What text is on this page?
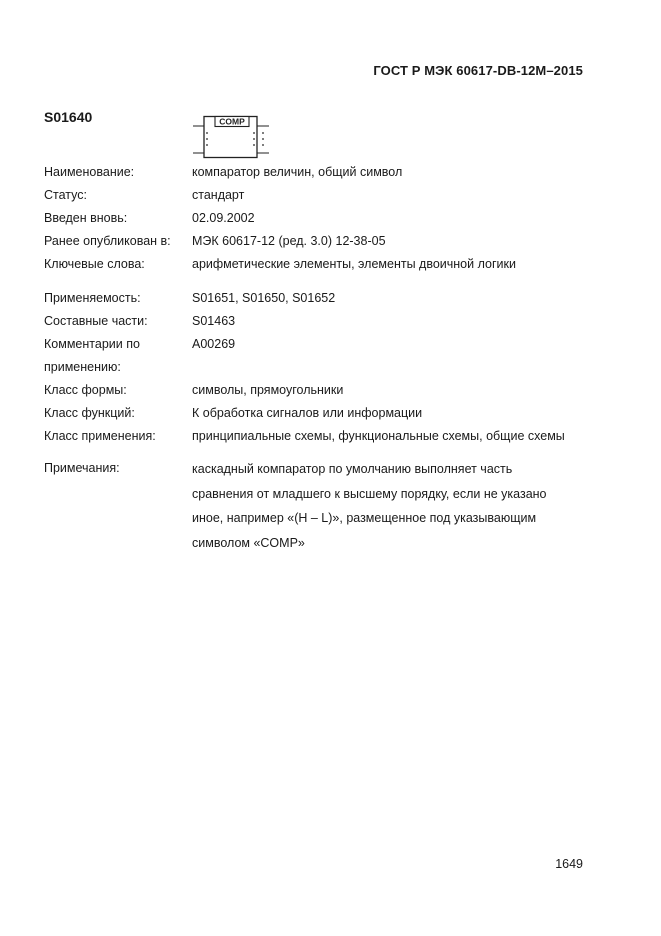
ГОСТ Р МЭК 60617-DB-12M–2015
S01640	COMP
Наименование:	компаратор величин, общий символ
Статус:	стандарт
Введен вновь:	02.09.2002
Ранее опубликован в: МЭК 60617-12 (ред. 3.0) 12-38-05
Ключевые слова:	арифметические элементы, элементы двоичной логики
Применяемость:	S01651, S01650, S01652
Составные части:	S01463
Комментарии по
применению:
A00269
Класс формы:	символы, прямоугольники
Класс функций:	К обработка сигналов или информации
Класс применения:	принципиальные схемы, функциональные схемы, общие схемы
Примечания:	каскадный компаратор по умолчанию выполняет часть
сравнения от младшего к высшему порядку, если не указано
иное, например «(H – L)», размещенное под указывающим
символом «COMP»
1649
